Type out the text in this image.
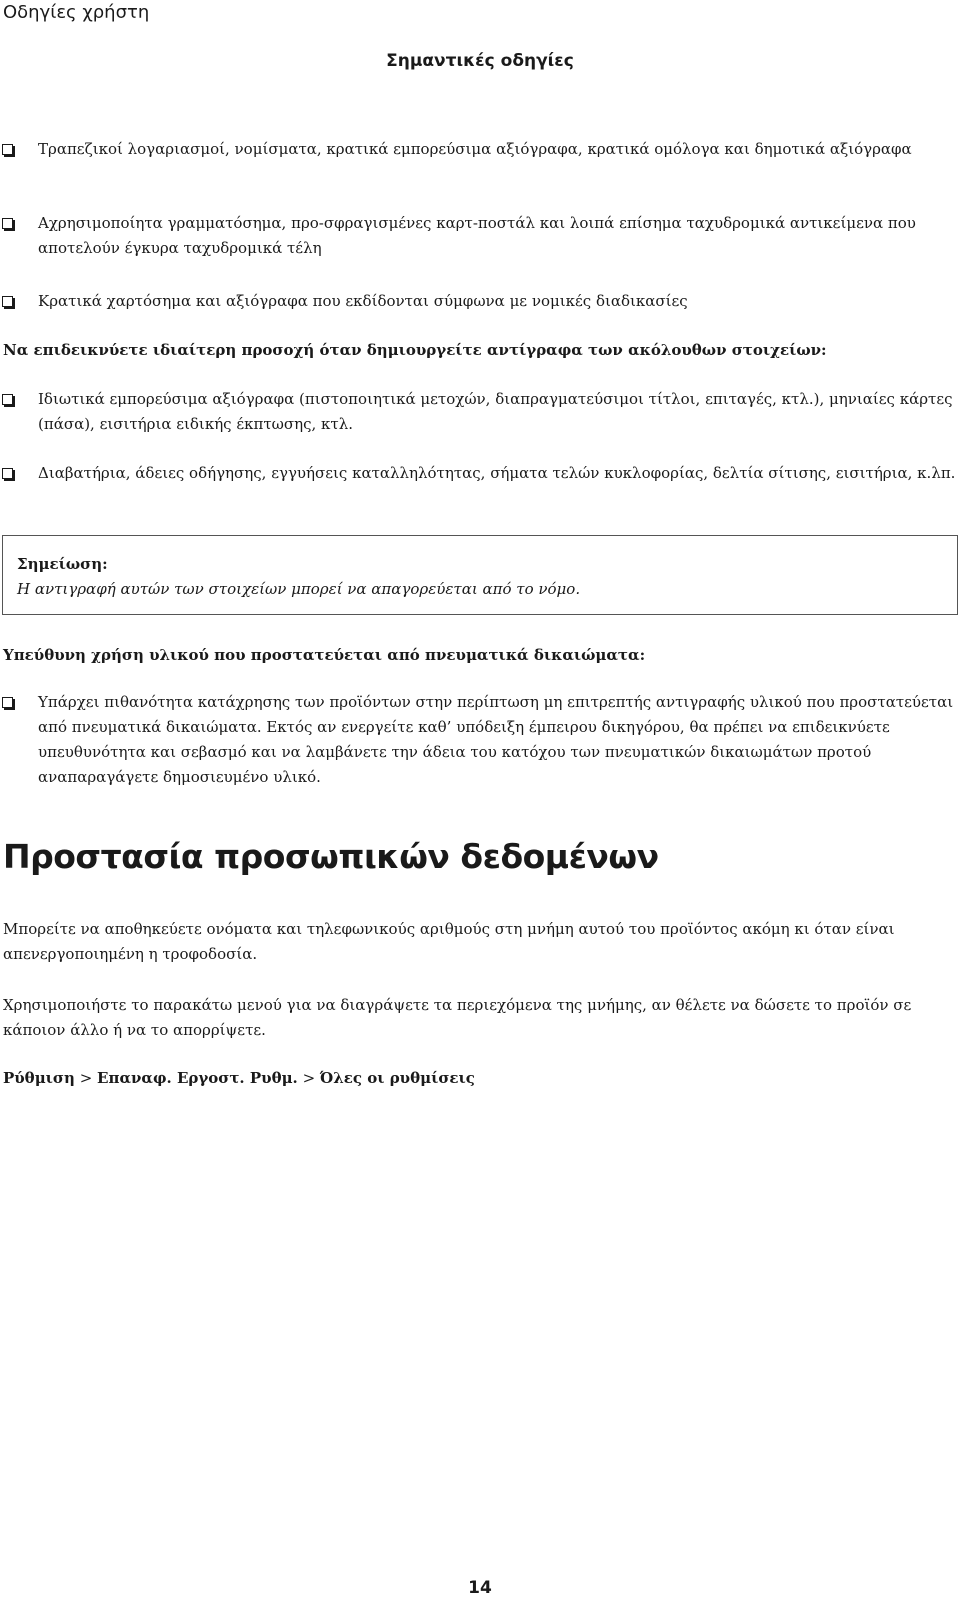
Οδηγίες χρήστη
Σημαντικές οδηγίες
Τραπεζικοί λογαριασμοί, νομίσματα, κρατικά εμπορεύσιμα αξιόγραφα, κρατικά ομόλογα και δημοτικά αξιόγραφα
Αχρησιμοποίητα γραμματόσημα, προ-σφραγισμένες καρτ-ποστάλ και λοιπά επίσημα ταχυδρομικά αντικείμενα που αποτελούν έγκυρα ταχυδρομικά τέλη
Κρατικά χαρτόσημα και αξιόγραφα που εκδίδονται σύμφωνα με νομικές διαδικασίες
Να επιδεικνύετε ιδιαίτερη προσοχή όταν δημιουργείτε αντίγραφα των ακόλουθων στοιχείων:
Ιδιωτικά εμπορεύσιμα αξιόγραφα (πιστοποιητικά μετοχών, διαπραγματεύσιμοι τίτλοι, επιταγές, κτλ.), μηνιαίες κάρτες (πάσα), εισιτήρια ειδικής έκπτωσης, κτλ.
Διαβατήρια, άδειες οδήγησης, εγγυήσεις καταλληλότητας, σήματα τελών κυκλοφορίας, δελτία σίτισης, εισιτήρια, κ.λπ.
Σημείωση:
Η αντιγραφή αυτών των στοιχείων μπορεί να απαγορεύεται από το νόμο.
Υπεύθυνη χρήση υλικού που προστατεύεται από πνευματικά δικαιώματα:
Υπάρχει πιθανότητα κατάχρησης των προϊόντων στην περίπτωση μη επιτρεπτής αντιγραφής υλικού που προστατεύεται από πνευματικά δικαιώματα. Εκτός αν ενεργείτε καθ’ υπόδειξη έμπειρου δικηγόρου, θα πρέπει να επιδεικνύετε υπευθυνότητα και σεβασμό και να λαμβάνετε την άδεια του κατόχου των πνευματικών δικαιωμάτων προτού αναπαραγάγετε δημοσιευμένο υλικό.
Προστασία προσωπικών δεδομένων
Μπορείτε να αποθηκεύετε ονόματα και τηλεφωνικούς αριθμούς στη μνήμη αυτού του προϊόντος ακόμη κι όταν είναι απενεργοποιημένη η τροφοδοσία.
Χρησιμοποιήστε το παρακάτω μενού για να διαγράψετε τα περιεχόμενα της μνήμης, αν θέλετε να δώσετε το προϊόν σε κάποιον άλλο ή να το απορρίψετε.
Ρύθμιση > Επαναφ. Εργοστ. Ρυθμ. > Όλες οι ρυθμίσεις
14
